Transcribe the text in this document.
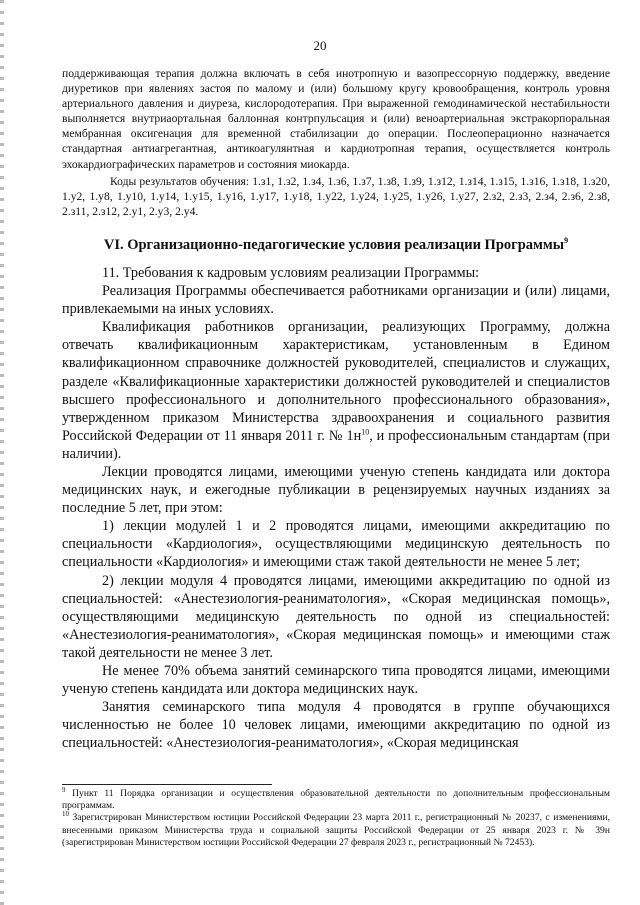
20

поддерживающая терапия должна включать в себя инотропную и вазопрессорную поддержку, введение диуретиков при явлениях застоя по малому и (или) большому кругу кровообращения, контроль уровня артериального давления и диуреза, кислородотерапия. При выраженной гемодинамической нестабильности выполняется внутриаортальная баллонная контрпульсация и (или) веноартериальная экстракорпоральная мембранная оксигенация для временной стабилизации до операции. Послеоперационно назначается стандартная антиагрегантная, антикоагулянтная и кардиотропная терапия, осуществляется контроль эхокардиографических параметров и состояния миокарда.

Коды результатов обучения: 1.з1, 1.з2, 1.з4, 1.з6, 1.з7, 1.з8, 1.з9, 1.з12, 1.з14, 1.з15, 1.з16, 1.з18, 1.з20, 1.у2, 1.у8, 1.у10, 1.у14, 1.у15, 1.у16, 1.у17, 1.у18, 1.у22, 1.у24, 1.у25, 1.у26, 1.у27, 2.з2, 2.з3, 2.з4, 2.з6, 2.з8, 2.з11, 2.з12, 2.у1, 2.у3, 2.у4.

VI. Организационно-педагогические условия реализации Программы$^9$

11. Требования к кадровым условиям реализации Программы:

Реализация Программы обеспечивается работниками организации и (или) лицами, привлекаемыми на иных условиях.

Квалификация работников организации, реализующих Программу, должна отвечать квалификационным характеристикам, установленным в Едином квалификационном справочнике должностей руководителей, специалистов и служащих, разделе «Квалификационные характеристики должностей руководителей и специалистов высшего профессионального и дополнительного профессионального образования», утвержденном приказом Министерства здравоохранения и социального развития Российской Федерации от 11 января 2011 г. № $1н^{10}$, и профессиональным стандартам (при наличии).

Лекции проводятся лицами, имеющими ученую степень кандидата или доктора медицинских наук, и ежегодные публикации в рецензируемых научных изданиях за последние 5 лет, при этом:

1) лекции модулей 1 и 2 проводятся лицами, имеющими аккредитацию по специальности «Кардиология», осуществляющими медицинскую деятельность по специальности «Кардиология» и имеющими стаж такой деятельности не менее 5 лет;

2) лекции модуля 4 проводятся лицами, имеющими аккредитацию по одной из специальностей: «Анестезиология-реаниматология», «Скорая медицинская помощь», осуществляющими медицинскую деятельность по одной из специальностей: «Анестезиология-реаниматология», «Скорая медицинская помощь» и имеющими стаж такой деятельности не менее 3 лет.

Не менее 70% объема занятий семинарского типа проводятся лицами, имеющими ученую степень кандидата или доктора медицинских наук.

Занятия семинарского типа модуля 4 проводятся в группе обучающихся численностью не более 10 человек лицами, имеющими аккредитацию по одной из специальностей: «Анестезиология-реаниматология», «Скорая медицинская

$^9$ Пункт 11 Порядка организации и осуществления образовательной деятельности по дополнительным профессиональным программам.

$^{10}$ Зарегистрирован Министерством юстиции Российской Федерации 23 марта 2011 г., регистрационный № 20237, с изменениями, внесенными приказом Министерства труда и социальной защиты Российской Федерации от 25 января 2023 г. № 39н (зарегистрирован Министерством юстиции Российской Федерации 27 февраля 2023 г., регистрационный № 72453).
